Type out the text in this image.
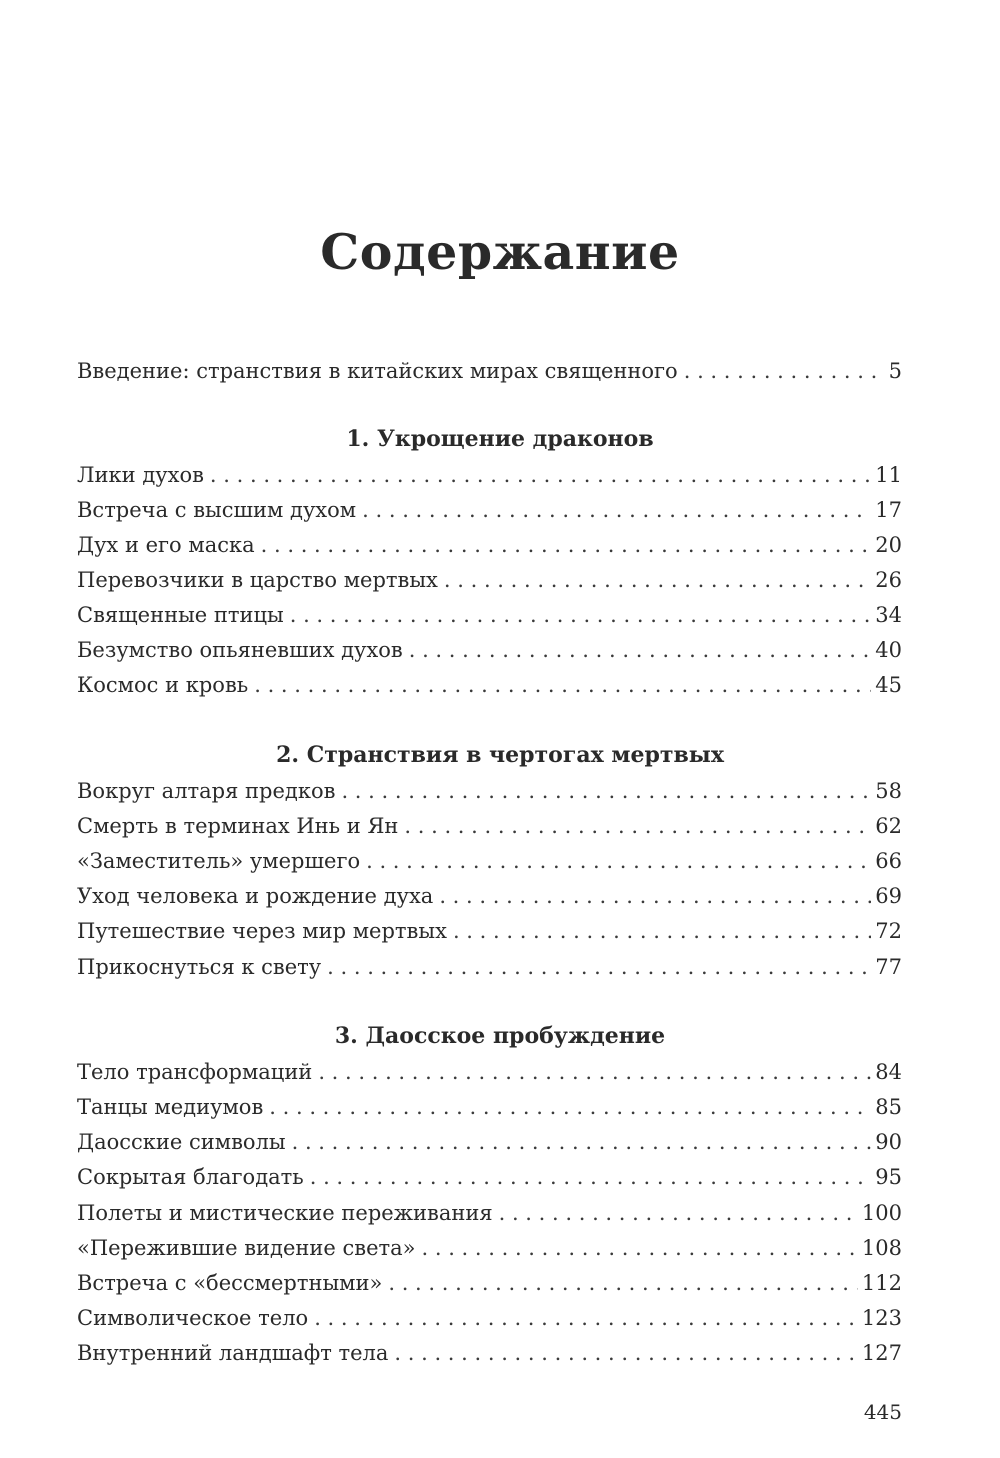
Содержание
Введение: странствия в китайских мирах священного . . .	5
Лики духов . . .	11
Встреча с высшим духом . . .	17
Дух и его маска . . .	20
Перевозчики в царство мертвых . . .	26
Священные птицы . . .	34
Безумство опьяневших духов . . .	40
Космос и кровь . . .	45
Вокруг алтаря предков . . .	58
Смерть в терминах Инь и Ян . . .	62
«Заместитель» умершего . . .	66
Уход человека и рождение духа . . .	69
Путешествие через мир мертвых . . .	72
Прикоснуться к свету . . .	77
Тело трансформаций . . .	84
Танцы медиумов . . .	85
Даосские символы . . .	90
Сокрытая благодать . . .	95
Полеты и мистические переживания . . .	100
«Пережившие видение света» . . .	108
Встреча с «бессмертными» . . .	112
Символическое тело . . .	123
Внутренний ландшафт тела . . .	127
1. Укрощение драконов
2. Странствия в чертогах мертвых
3. Даосское пробуждение
445
